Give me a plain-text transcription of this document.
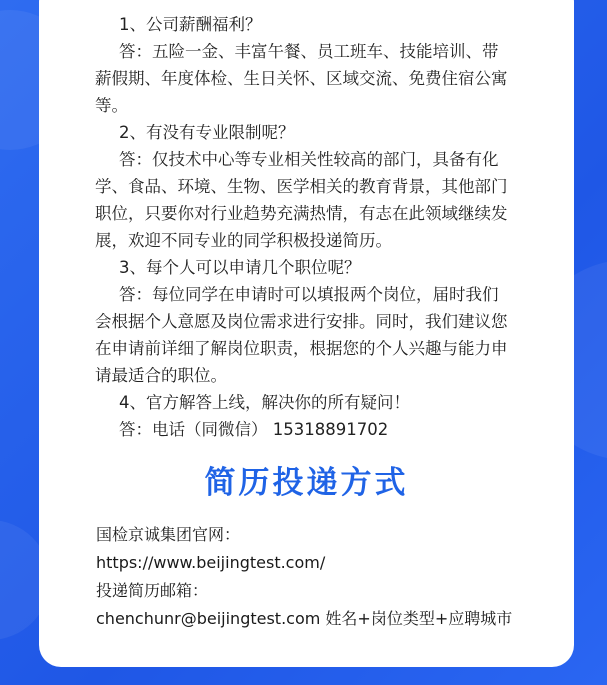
1、公司薪酬福利？
答：五险一金、丰富午餐、员工班车、技能培训、带
薪假期、年度体检、生日关怀、区域交流、免费住宿公寓
等。
2、有没有专业限制呢？
答：仅技术中心等专业相关性较高的部门，具备有化
学、食品、环境、生物、医学相关的教育背景，其他部门
职位，只要你对行业趋势充满热情，有志在此领域继续发
展，欢迎不同专业的同学积极投递简历。
3、每个人可以申请几个职位呢？
答：每位同学在申请时可以填报两个岗位，届时我们
会根据个人意愿及岗位需求进行安排。同时，我们建议您
在申请前详细了解岗位职责，根据您的个人兴趣与能力申
请最适合的职位。
4、官方解答上线，解决你的所有疑问！
答：电话（同微信） 15318891702
简历投递方式
国检京诚集团官网：
https://www.beijingtest.com/
投递简历邮箱：
chenchunr@beijingtest.com 姓名+岗位类型+应聘城市
